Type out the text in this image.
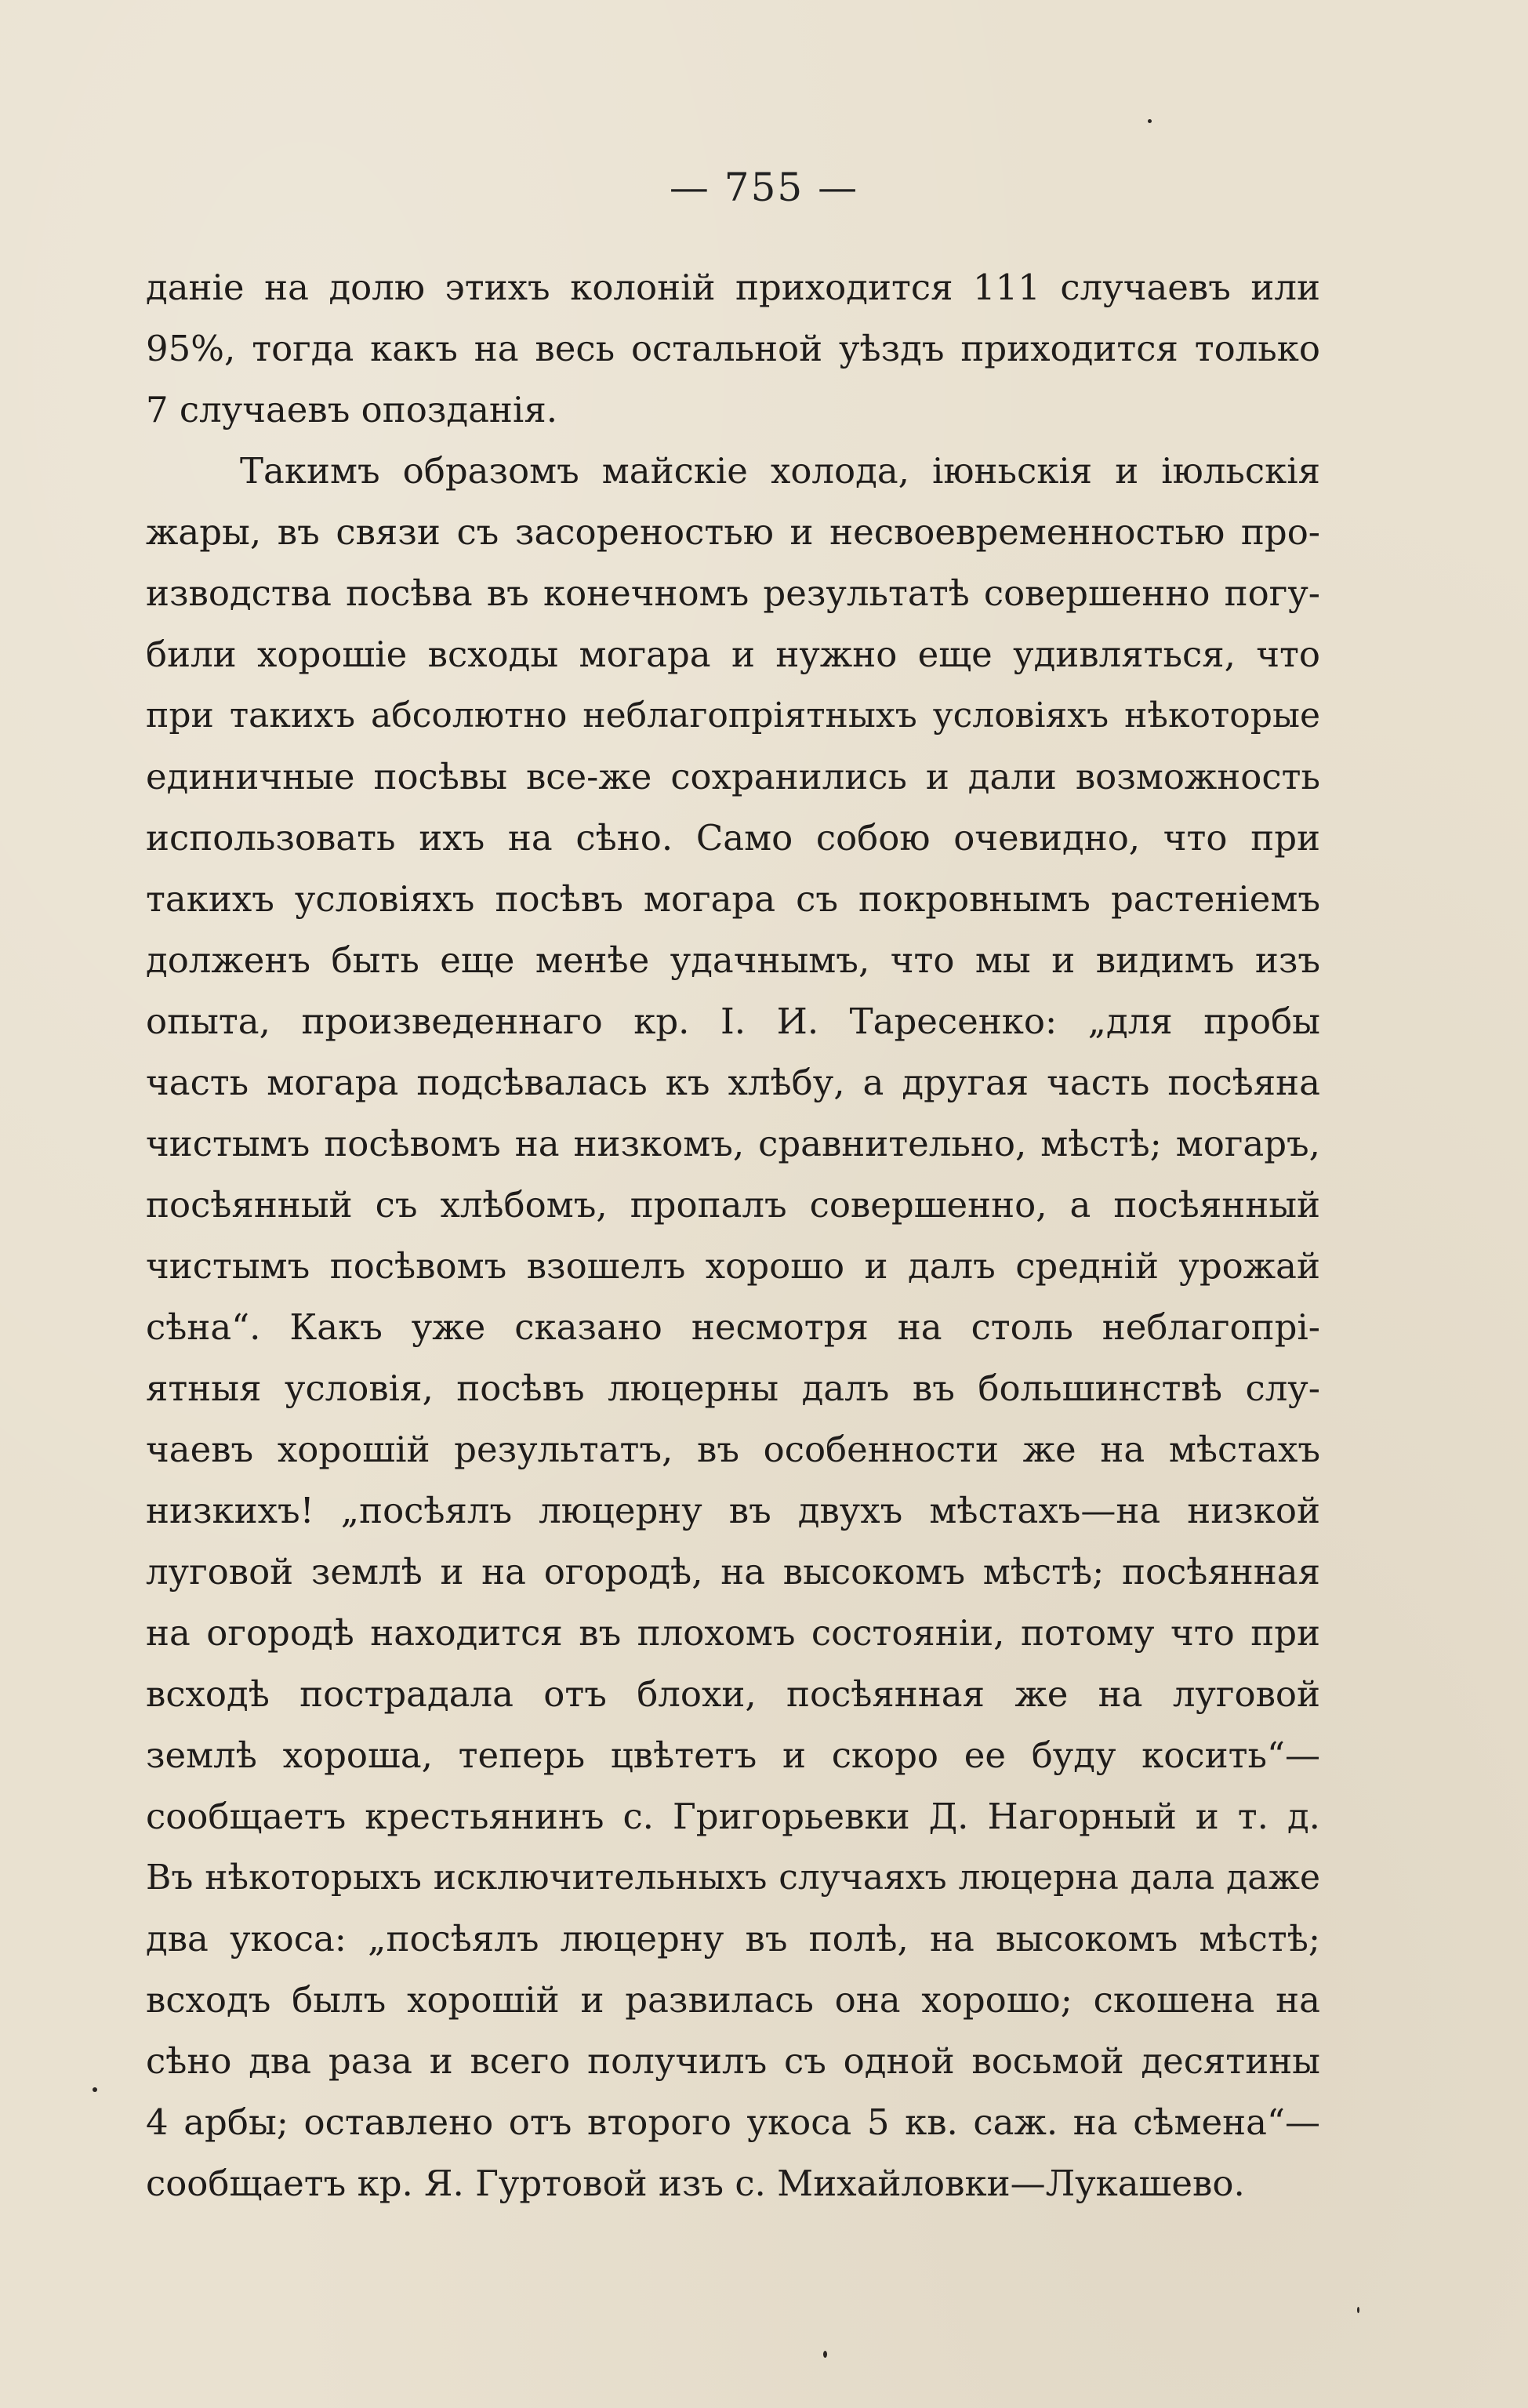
— 755 —
даніе на долю этихъ колоній приходится 111 случаевъ или
95%, тогда какъ на весь остальной уѣздъ приходится только
7 случаевъ опозданія.
Такимъ образомъ майскіе холода, іюньскія и іюльскія
жары, въ связи съ засореностью и несвоевременностью про-
изводства посѣва въ конечномъ результатѣ совершенно погу-
били хорошіе всходы могара и нужно еще удивляться, что
при такихъ абсолютно неблагопріятныхъ условіяхъ нѣкоторые
единичные посѣвы все-же сохранились и дали возможность
использовать ихъ на сѣно. Само собою очевидно, что при
такихъ условіяхъ посѣвъ могара съ покровнымъ растеніемъ
долженъ быть еще менѣе удачнымъ, что мы и видимъ изъ
опыта, произведеннаго кр. І. И. Таресенко: „для пробы
часть могара подсѣвалась къ хлѣбу, а другая часть посѣяна
чистымъ посѣвомъ на низкомъ, сравнительно, мѣстѣ; могаръ,
посѣянный съ хлѣбомъ, пропалъ совершенно, а посѣянный
чистымъ посѣвомъ взошелъ хорошо и далъ средній урожай
сѣна“. Какъ уже сказано несмотря на столь неблагопрі-
ятныя условія, посѣвъ люцерны далъ въ большинствѣ слу-
чаевъ хорошій результатъ, въ особенности же на мѣстахъ
низкихъ! „посѣялъ люцерну въ двухъ мѣстахъ—на низкой
луговой землѣ и на огородѣ, на высокомъ мѣстѣ; посѣянная
на огородѣ находится въ плохомъ состояніи, потому что при
всходѣ пострадала отъ блохи, посѣянная же на луговой
землѣ хороша, теперь цвѣтетъ и скоро ее буду косить“—
сообщаетъ крестьянинъ с. Григорьевки Д. Нагорный и т. д.
Въ нѣкоторыхъ исключительныхъ случаяхъ люцерна дала даже
два укоса: „посѣялъ люцерну въ полѣ, на высокомъ мѣстѣ;
всходъ былъ хорошій и развилась она хорошо; скошена на
сѣно два раза и всего получилъ съ одной восьмой десятины
4 арбы; оставлено отъ второго укоса 5 кв. саж. на сѣмена“—
сообщаетъ кр. Я. Гуртовой изъ с. Михайловки—Лукашево.
